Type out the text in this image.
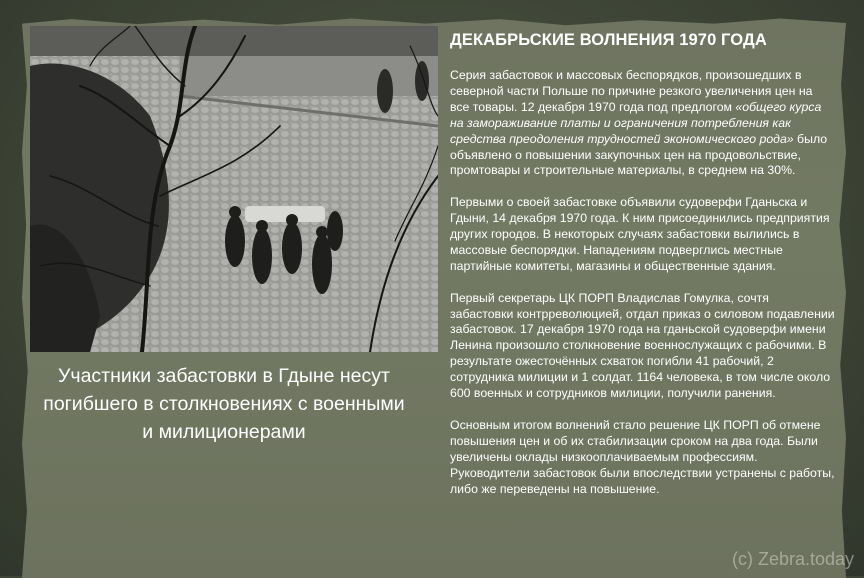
Участники забастовки в Гдыне несут погибшего в столкновениях с военными и милиционерами
ДЕКАБРЬСКИЕ ВОЛНЕНИЯ 1970 ГОДА

Серия забастовок и массовых беспорядков, произошедших в северной части Польше по причине резкого увеличения цен на все товары. 12 декабря 1970 года под предлогом «общего курса на замораживание платы и ограничения потребления как средства преодоления трудностей экономического рода» было объявлено о повышении закупочных цен на продовольствие, промтовары и строительные материалы, в среднем на 30%.

Первыми о своей забастовке объявили судоверфи Гданьска и Гдыни, 14 декабря 1970 года. К ним присоединились предприятия других городов. В некоторых случаях забастовки вылились в массовые беспорядки. Нападениям подверглись местные партийные комитеты, магазины и общественные здания.

Первый секретарь ЦК ПОРП Владислав Гомулка, сочтя забастовки контрреволюцией, отдал приказ о силовом подавлении забастовок. 17 декабря 1970 года на гданьской судоверфи имени Ленина произошло столкновение военнослужащих с рабочими. В результате ожесточённых схваток погибли 41 рабочий, 2 сотрудника милиции и 1 солдат. 1164 человека, в том числе около 600 военных и сотрудников милиции, получили ранения.

Основным итогом волнений стало решение ЦК ПОРП об отмене повышения цен и об их стабилизации сроком на два года. Были увеличены оклады низкооплачиваемым профессиям. Руководители забастовок были впоследствии устранены с работы, либо же переведены на повышение.

(c) Zebra.today
